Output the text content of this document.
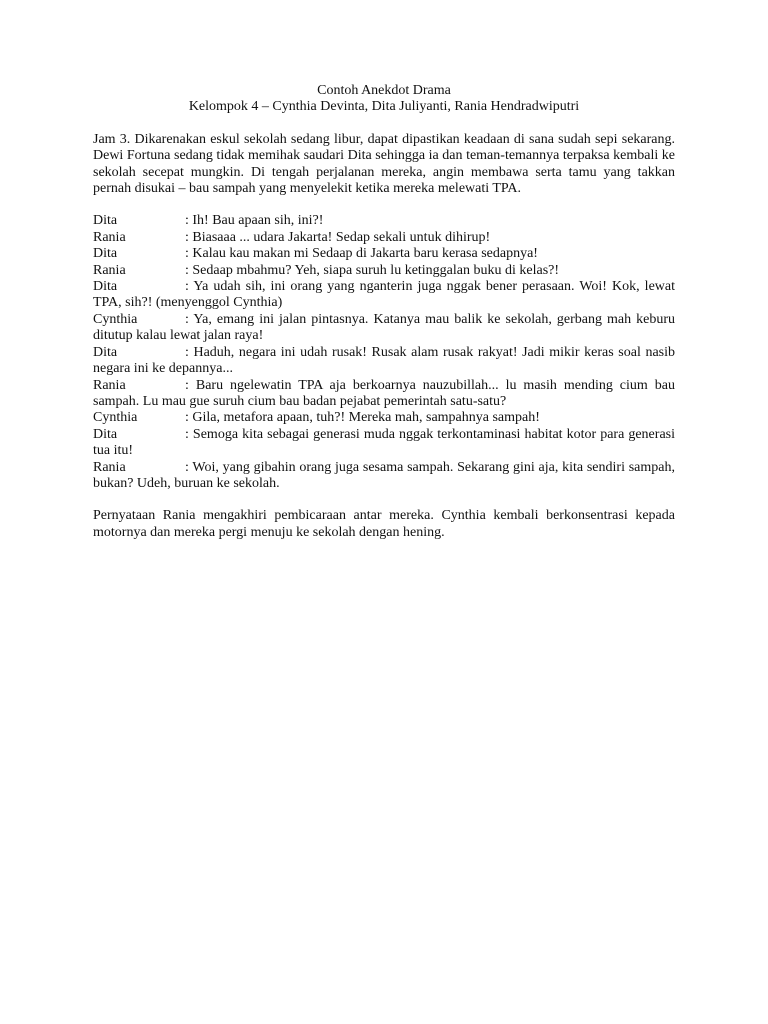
Contoh Anekdot Drama
Kelompok 4 – Cynthia Devinta, Dita Juliyanti, Rania Hendradwiputri

Jam 3. Dikarenakan eskul sekolah sedang libur, dapat dipastikan keadaan di sana sudah sepi sekarang. Dewi Fortuna sedang tidak memihak saudari Dita sehingga ia dan teman-temannya terpaksa kembali ke sekolah secepat mungkin. Di tengah perjalanan mereka, angin membawa serta tamu yang takkan pernah disukai – bau sampah yang menyelekit ketika mereka melewati TPA.

Dita	: Ih! Bau apaan sih, ini?!
Rania	: Biasaaa ... udara Jakarta! Sedap sekali untuk dihirup!
Dita	: Kalau kau makan mi Sedaap di Jakarta baru kerasa sedapnya!
Rania	: Sedaap mbahmu? Yeh, siapa suruh lu ketinggalan buku di kelas?!
Dita	: Ya udah sih, ini orang yang nganterin juga nggak bener perasaan. Woi! Kok, lewat TPA, sih?! (menyenggol Cynthia)
Cynthia	: Ya, emang ini jalan pintasnya. Katanya mau balik ke sekolah, gerbang mah keburu ditutup kalau lewat jalan raya!
Dita	: Haduh, negara ini udah rusak! Rusak alam rusak rakyat! Jadi mikir keras soal nasib negara ini ke depannya...
Rania	: Baru ngelewatin TPA aja berkoarnya nauzubillah... lu masih mending cium bau sampah. Lu mau gue suruh cium bau badan pejabat pemerintah satu-satu?
Cynthia	: Gila, metafora apaan, tuh?! Mereka mah, sampahnya sampah!
Dita	: Semoga kita sebagai generasi muda nggak terkontaminasi habitat kotor para generasi tua itu!
Rania	: Woi, yang gibahin orang juga sesama sampah. Sekarang gini aja, kita sendiri sampah, bukan? Udeh, buruan ke sekolah.

Pernyataan Rania mengakhiri pembicaraan antar mereka. Cynthia kembali berkonsentrasi kepada motornya dan mereka pergi menuju ke sekolah dengan hening.
